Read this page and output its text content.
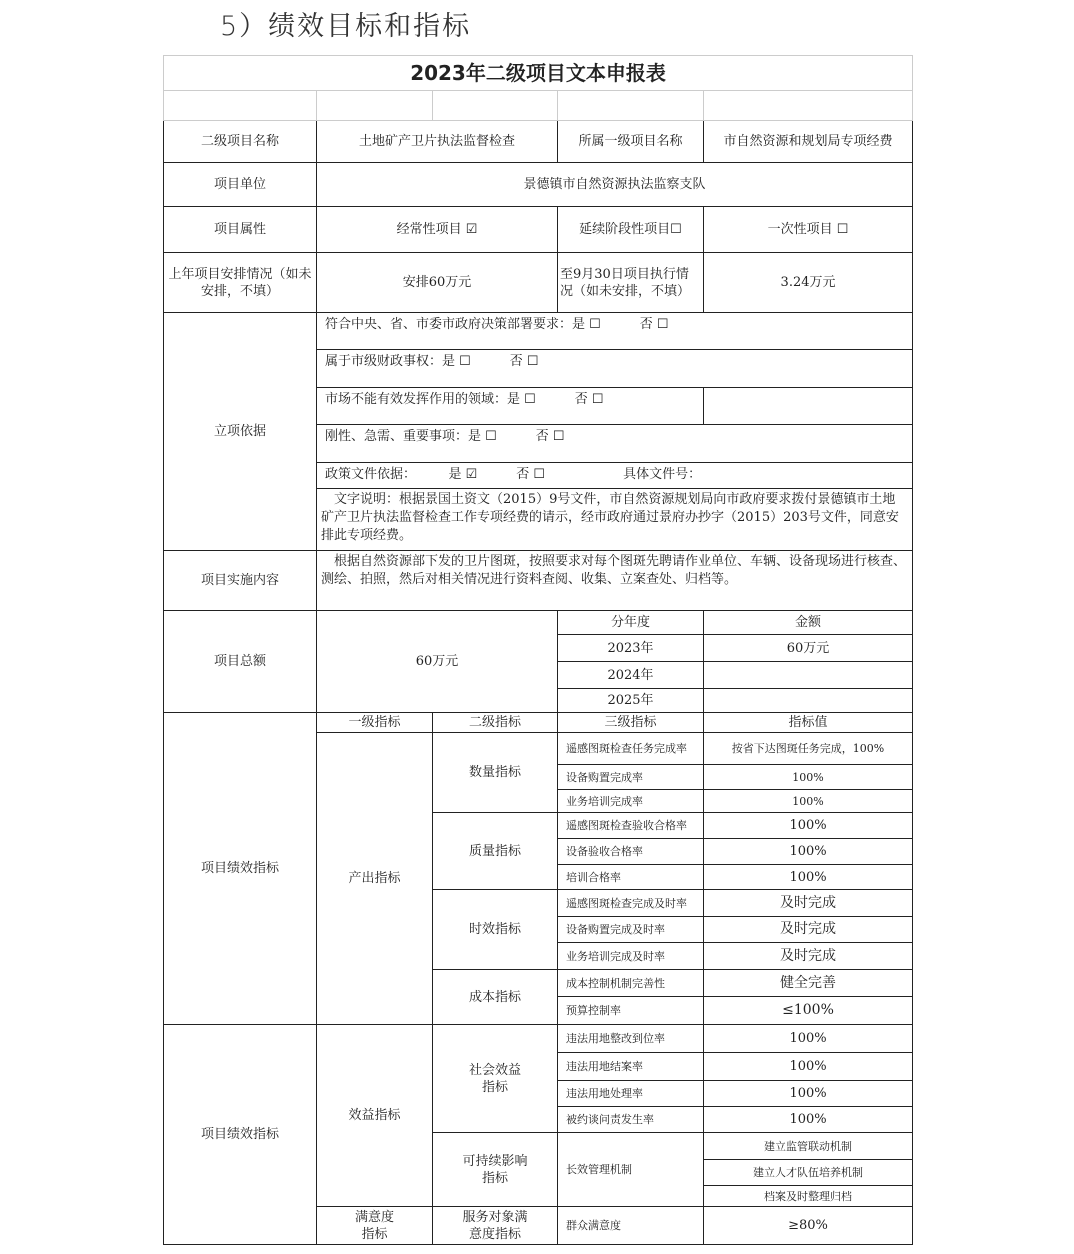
5）绩效目标和指标
2023年二级项目文本申报表				

二级项目名称	土地矿产卫片执法监督检查		所属一级项目名称	市自然资源和规划局专项经费
项目单位	景德镇市自然资源执法监察支队			
项目属性	经常性项目 ☑		延续阶段性项目☐	一次性项目 ☐
上年项目安排情况（如未安排，不填）	安排60万元		至9月30日项目执行情况（如未安排，不填）	3.24万元
立项依据	符合中央、省、市委市政府决策部署要求：是 ☐　　　否 ☐			
	属于市级财政事权：是 ☐　　　否 ☐			
	市场不能有效发挥作用的领域：是 ☐　　　否 ☐			
	刚性、急需、重要事项：是 ☐　　　否 ☐			
	政策文件依据：　　　是 ☑　　　否 ☐　　　　　　具体文件号：			
	　文字说明：根据景国土资文（2015）9号文件，市自然资源规划局向市政府要求拨付景德镇市土地矿产卫片执法监督检查工作专项经费的请示，经市政府通过景府办抄字（2015）203号文件，同意安排此专项经费。			
项目实施内容	　根据自然资源部下发的卫片图斑，按照要求对每个图斑先聘请作业单位、车辆、设备现场进行核查、测绘、拍照，然后对相关情况进行资料查阅、收集、立案查处、归档等。			
项目总额	60万元		分年度	金额
			2023年	60万元
			2024年	
			2025年	
项目绩效指标	一级指标	二级指标	三级指标	指标值
	产出指标	数量指标	遥感图斑检查任务完成率	按省下达图斑任务完成，100%
			设备购置完成率	100%
			业务培训完成率	100%
		质量指标	遥感图斑检查验收合格率	100%
			设备验收合格率	100%
			培训合格率	100%
		时效指标	遥感图斑检查完成及时率	及时完成
			设备购置完成及时率	及时完成
			业务培训完成及时率	及时完成
		成本指标	成本控制机制完善性	健全完善
			预算控制率	≤100%
项目绩效指标	效益指标	社会效益指标	违法用地整改到位率	100%
			违法用地结案率	100%
			违法用地处理率	100%
			被约谈问责发生率	100%
		可持续影响指标	长效管理机制	建立监管联动机制
				建立人才队伍培养机制
				档案及时整理归档
	满意度指标	服务对象满意度指标	群众满意度	≥80%
